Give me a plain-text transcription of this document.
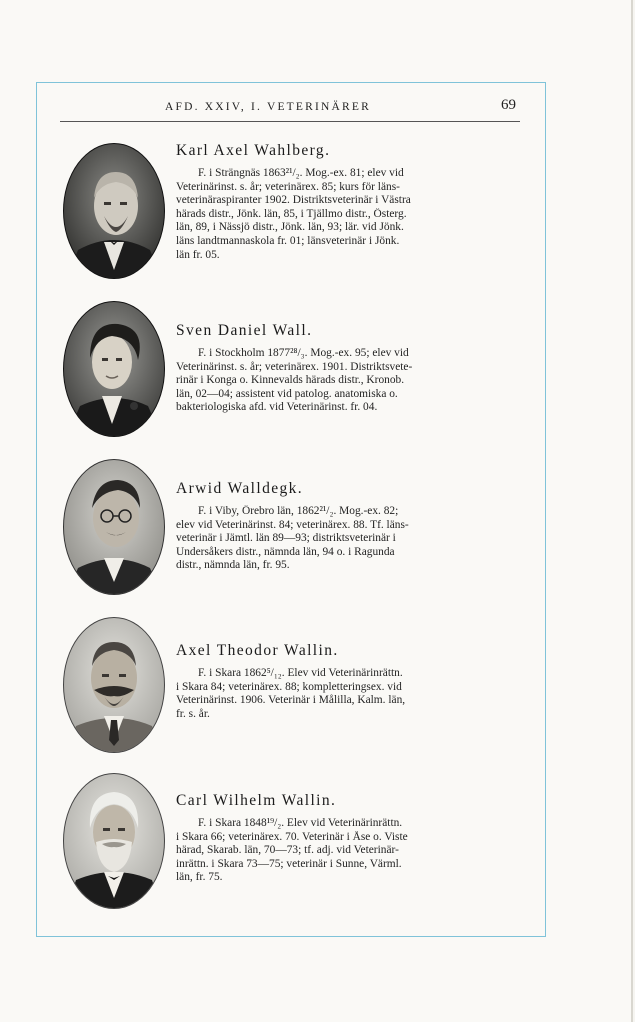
AFD. XXIV, I. VETERINÄRER	69
Karl Axel Wahlberg.

F. i Strängnäs 1863²¹/₂. Mog.-ex. 81; elev vid
Veterinärinst. s. år; veterinärex. 85; kurs för läns-
veterinäraspiranter 1902. Distriktsveterinär i Västra
härads distr., Jönk. län, 85, i Tjällmo distr., Österg.
län, 89, i Nässjö distr., Jönk. län, 93; lär. vid Jönk.
läns landtmannaskola fr. 01; länsveterinär i Jönk.
län fr. 05.

Sven Daniel Wall.

F. i Stockholm 1877²⁸/₃. Mog.-ex. 95; elev vid
Veterinärinst. s. år; veterinärex. 1901. Distriktsvete-
rinär i Konga o. Kinnevalds härads distr., Kronob.
län, 02—04; assistent vid patolog. anatomiska o.
bakteriologiska afd. vid Veterinärinst. fr. 04.

Arwid Walldegk.

F. i Viby, Örebro län, 1862²¹/₂. Mog.-ex. 82;
elev vid Veterinärinst. 84; veterinärex. 88. Tf. läns-
veterinär i Jämtl. län 89—93; distriktsveterinär i
Undersåkers distr., nämnda län, 94 o. i Ragunda
distr., nämnda län, fr. 95.

Axel Theodor Wallin.

F. i Skara 1862⁵/₁₂. Elev vid Veterinärinrättn.
i Skara 84; veterinärex. 88; kompletteringsex. vid
Veterinärinst. 1906. Veterinär i Målilla, Kalm. län,
fr. s. år.

Carl Wilhelm Wallin.

F. i Skara 1848¹⁹/₂. Elev vid Veterinärinrättn.
i Skara 66; veterinärex. 70. Veterinär i Åse o. Viste
härad, Skarab. län, 70—73; tf. adj. vid Veterinär-
inrättn. i Skara 73—75; veterinär i Sunne, Värml.
län, fr. 75.
